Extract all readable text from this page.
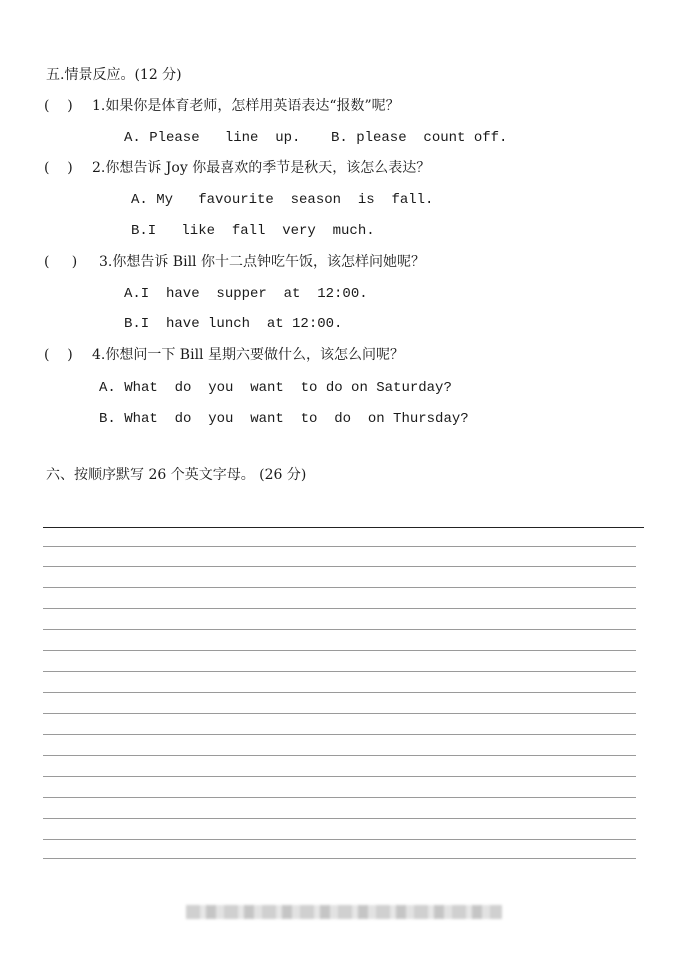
五.情景反应。(12 分)
(    ) 1.如果你是体育老师，怎样用英语表达“报数”呢？
A. Please   line  up. B. please  count off.
(    ) 2.你想告诉 Joy 你最喜欢的季节是秋天，该怎么表达？
A. My   favourite  season  is  fall.
B.I   like  fall  very  much.
(     ) 3.你想告诉 Bill 你十二点钟吃午饭，该怎样问她呢？
A.I  have  supper  at  12:00.
B.I  have lunch  at 12:00.
(    ) 4.你想问一下 Bill 星期六要做什么，该怎么问呢？
A. What  do  you  want  to do on Saturday?
B. What  do  you  want  to  do  on Thursday?
六、按顺序默写 26 个英文字母。 (26 分)
